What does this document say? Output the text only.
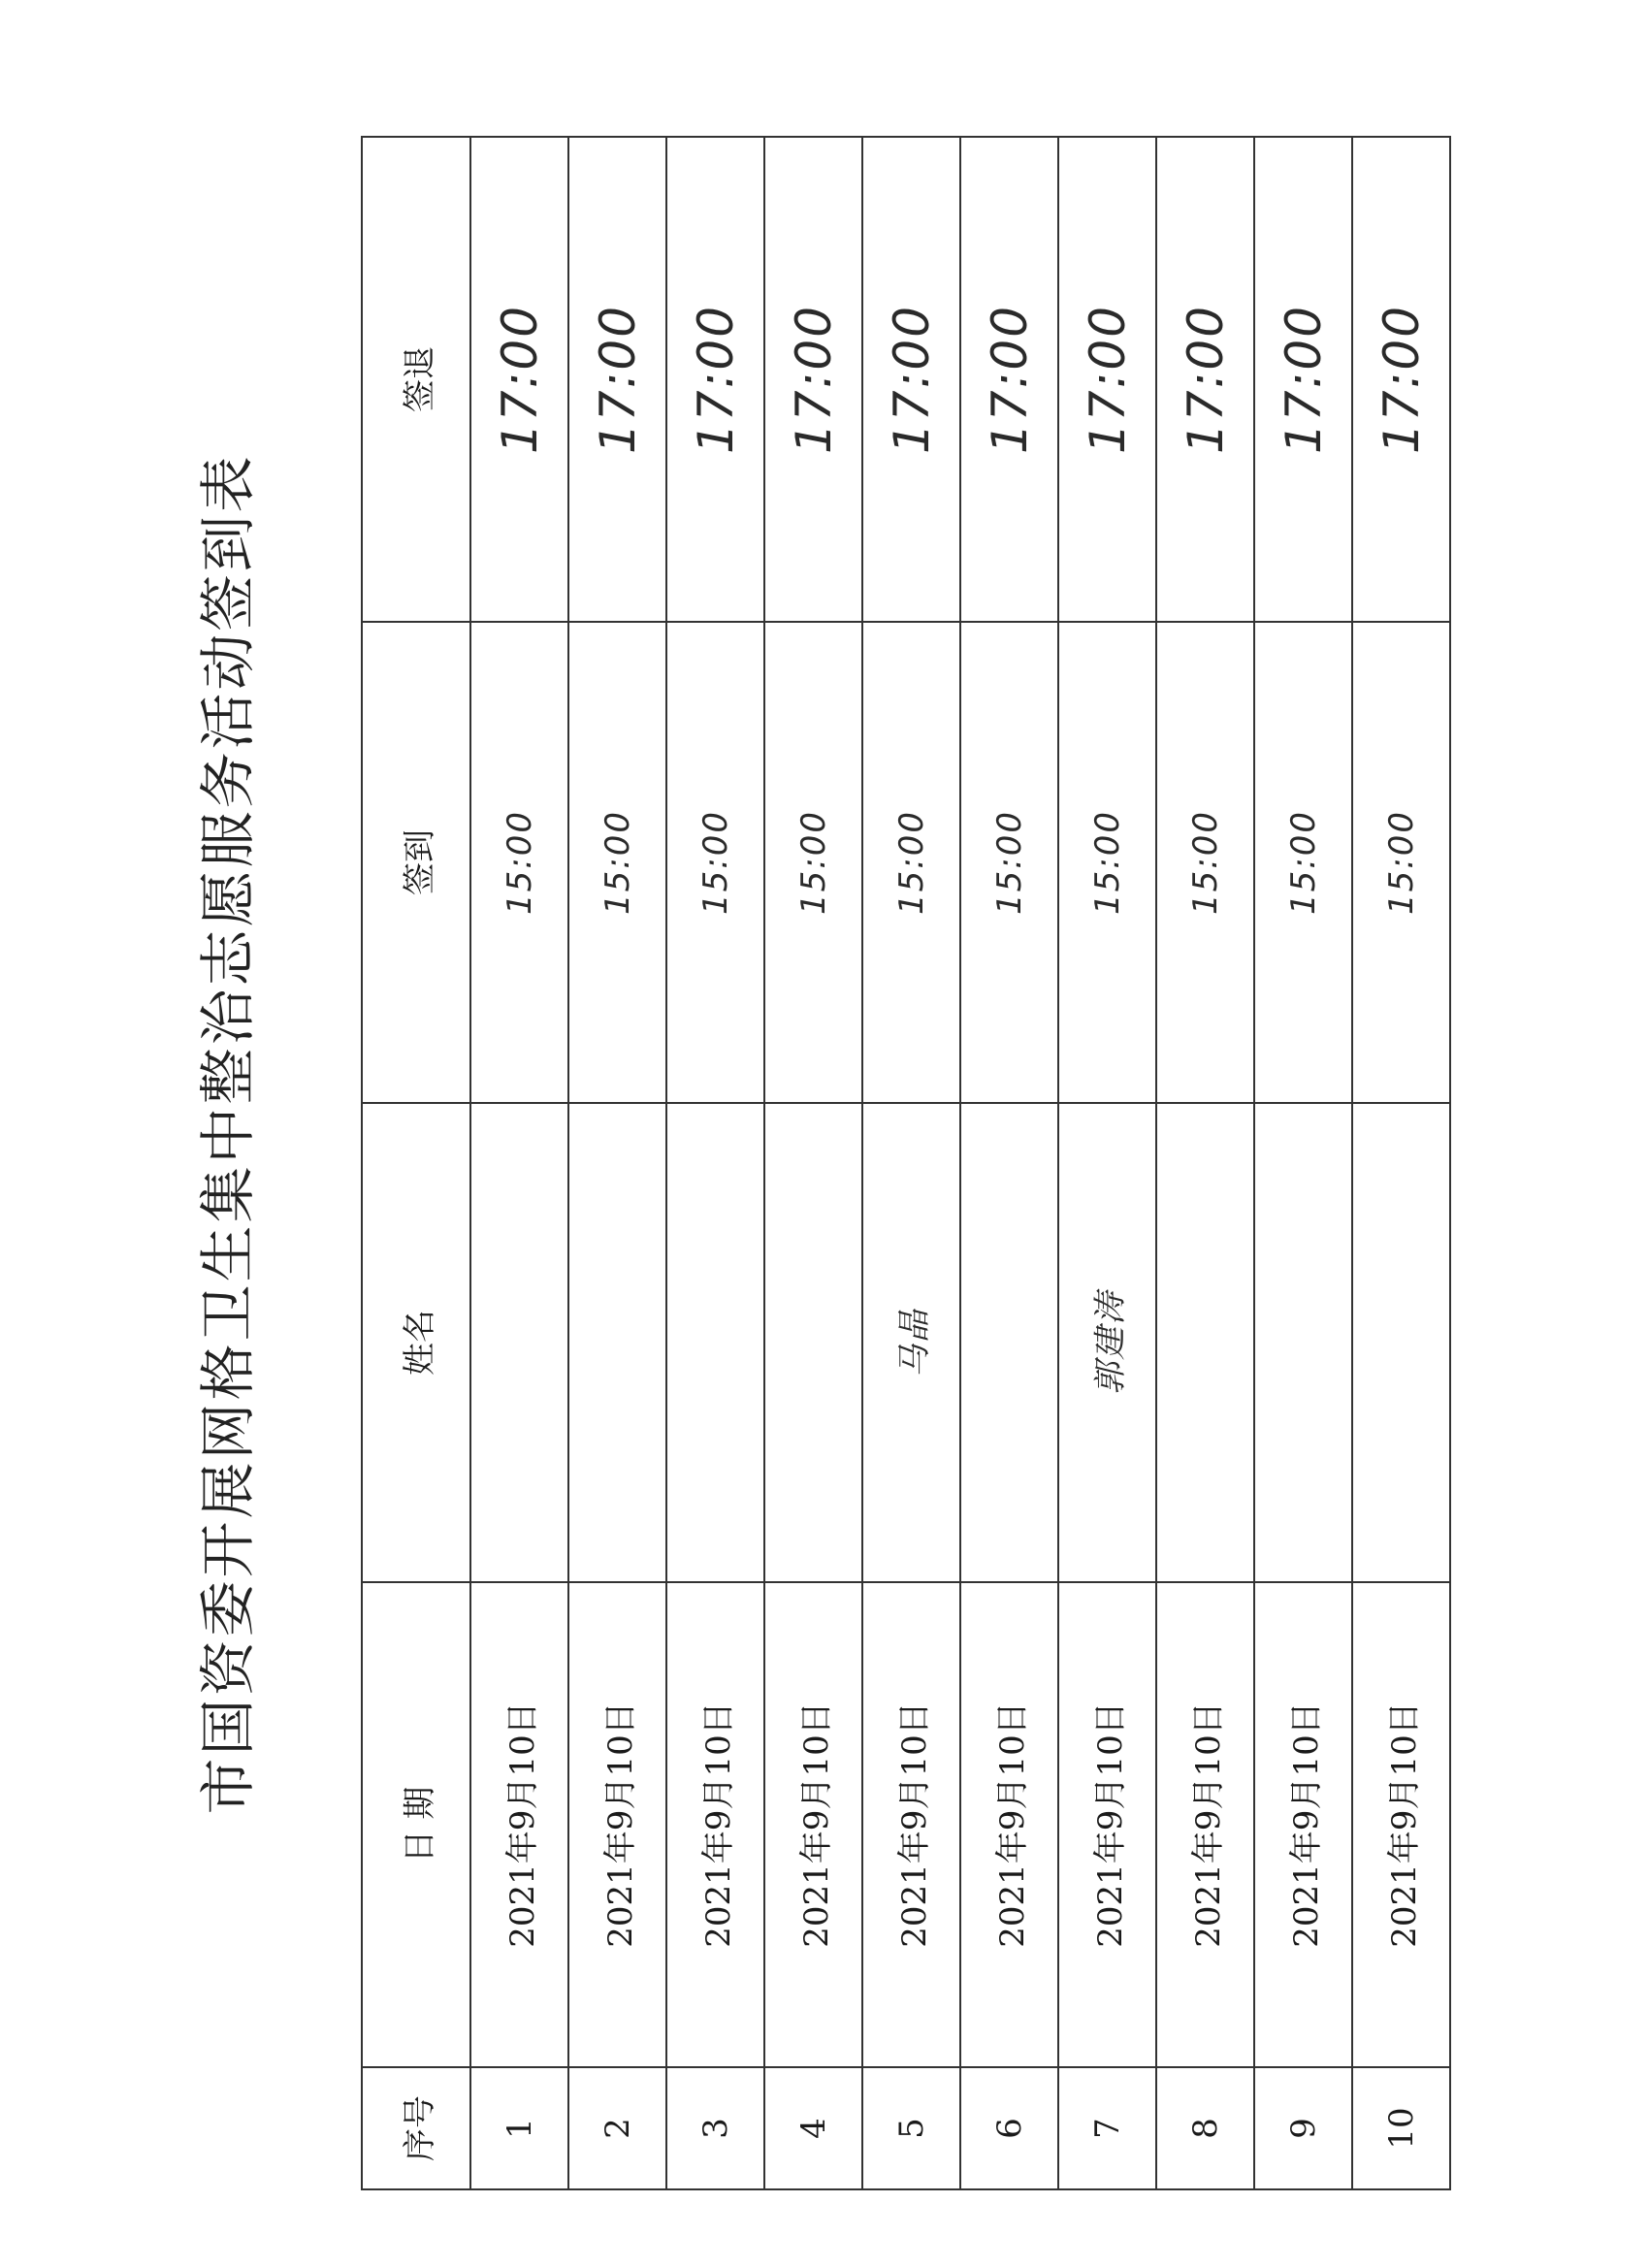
市国资委开展网格卫生集中整治志愿服务活动签到表
序号	日 期	姓名	签到	签退
1	2021年9月10日		15:00	17:00
2	2021年9月10日		15:00	17:00
3	2021年9月10日		15:00	17:00
4	2021年9月10日		15:00	17:00
5	2021年9月10日	马晶	15:00	17:00
6	2021年9月10日		15:00	17:00
7	2021年9月10日	郭建涛	15:00	17:00
8	2021年9月10日		15:00	17:00
9	2021年9月10日		15:00	17:00
10	2021年9月10日		15:00	17:00
